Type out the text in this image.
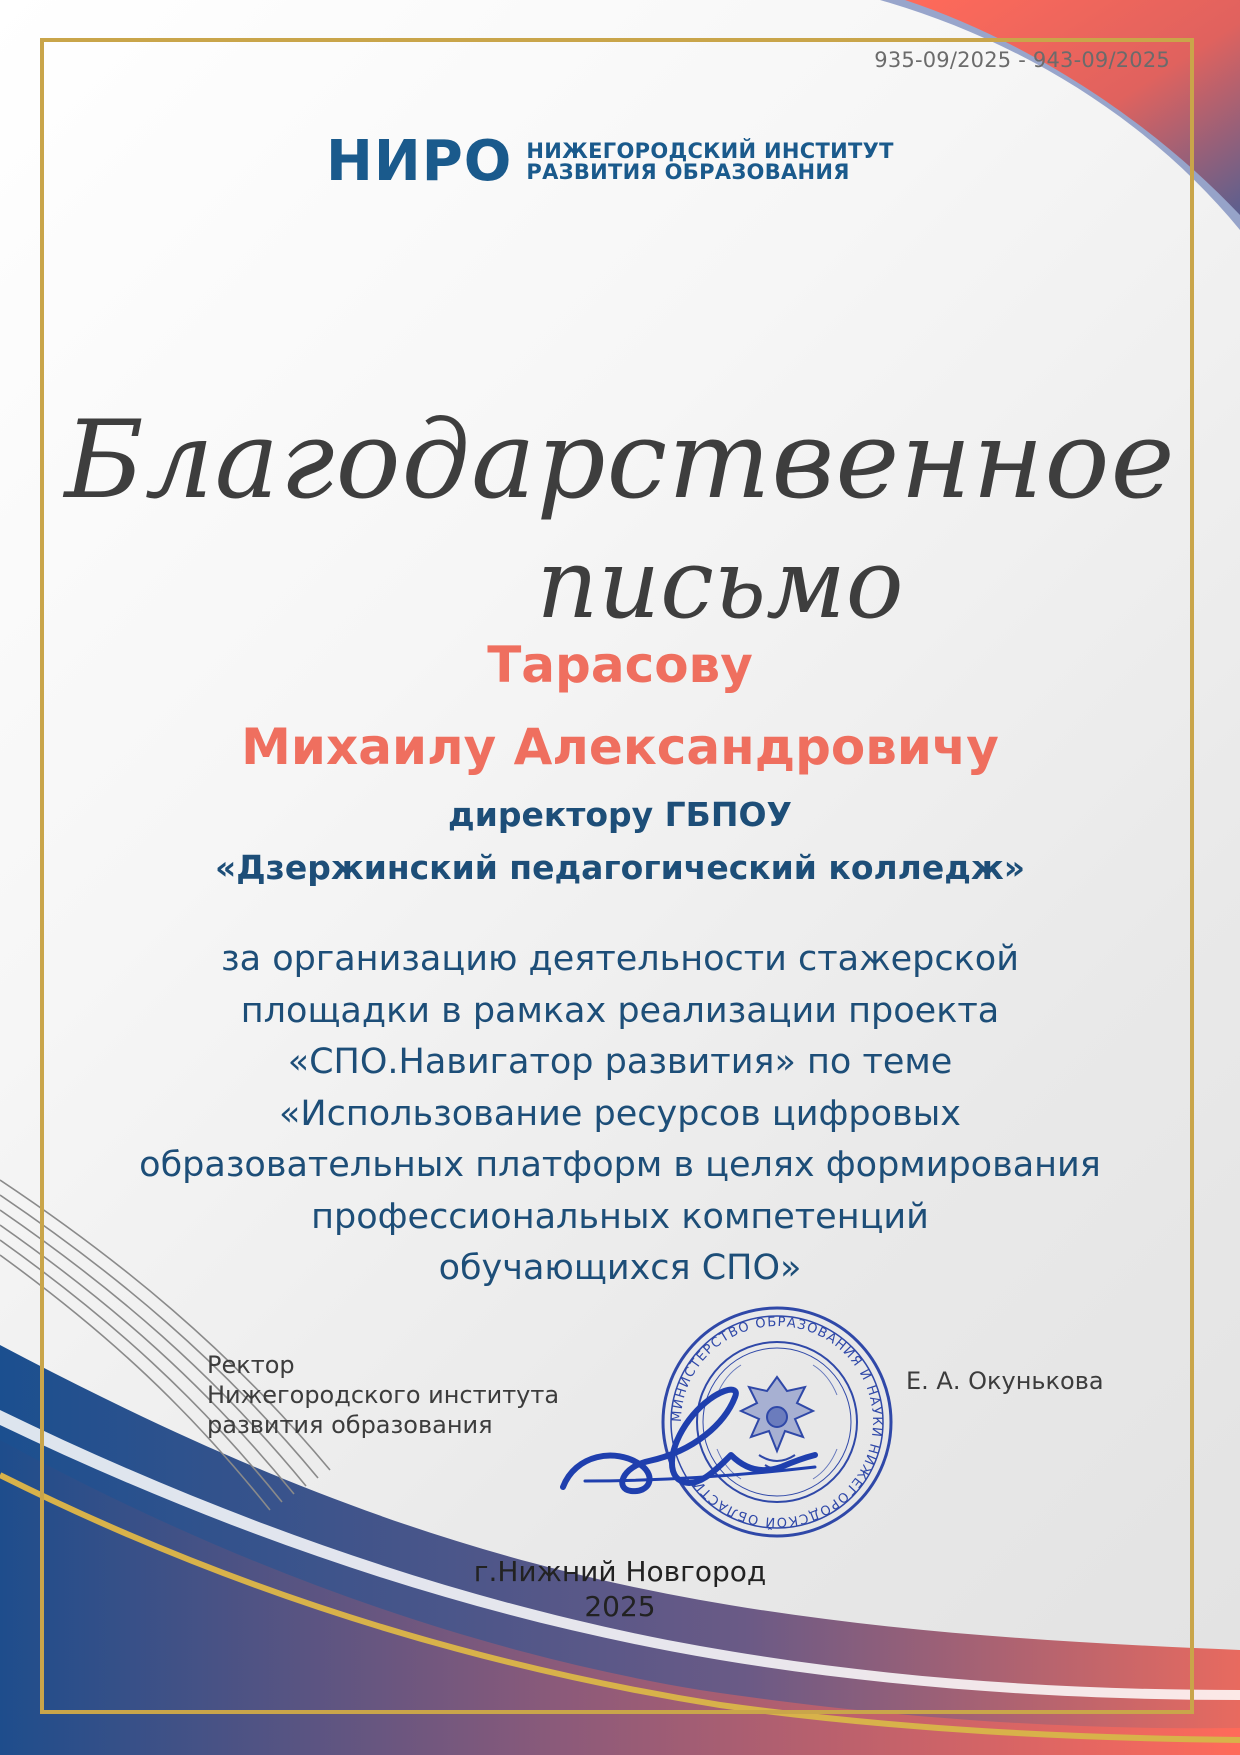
935-09/2025 - 943-09/2025
НИРО НИЖЕГОРОДСКИЙ ИНСТИТУТ
РАЗВИТИЯ ОБРАЗОВАНИЯ
Благодарственное
письмо
Тарасову
Михаилу Александровичу
директору ГБПОУ
«Дзержинский педагогический колледж»
за организацию деятельности стажерской
площадки в рамках реализации проекта
«СПО.Навигатор развития» по теме
«Использование ресурсов цифровых
образовательных платформ в целях формирования
профессиональных компетенций
обучающихся СПО»
Ректор
Нижегородского института
развития образования	МИНИСТЕРСТВО ОБРАЗОВАНИЯ И НАУКИ НИЖЕГОРОДСКОЙ ОБЛАСТИ
Е. А. Окунькова
г.Нижний Новгород
2025
